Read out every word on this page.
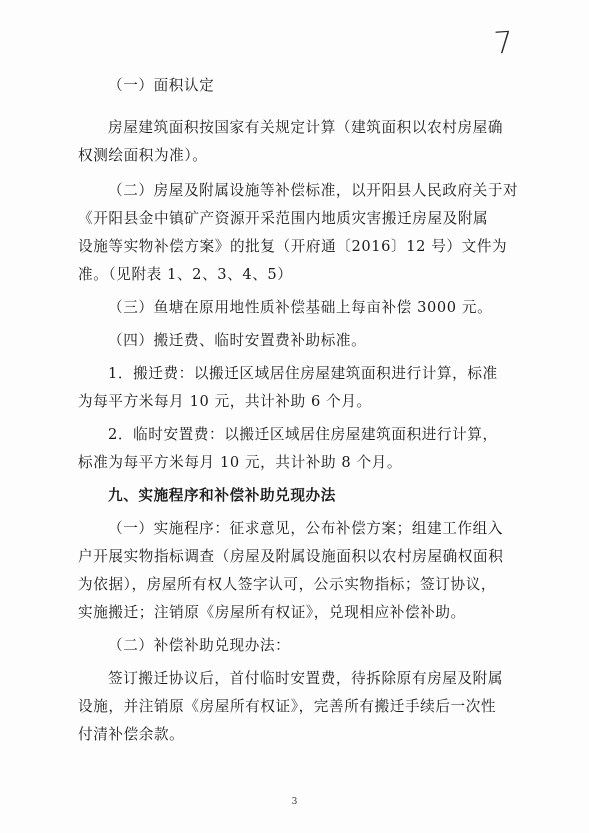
7
（一）面积认定
房屋建筑面积按国家有关规定计算（建筑面积以农村房屋确
权测绘面积为准）。
（二）房屋及附属设施等补偿标准，以开阳县人民政府关于对
《开阳县金中镇矿产资源开采范围内地质灾害搬迁房屋及附属
设施等实物补偿方案》的批复（开府通〔2016〕12 号）文件为
准。（见附表 1、2、3、4、5）
（三）鱼塘在原用地性质补偿基础上每亩补偿 3000 元。
（四）搬迁费、临时安置费补助标准。
1．搬迁费：以搬迁区域居住房屋建筑面积进行计算，标准
为每平方米每月 10 元，共计补助 6 个月。
2．临时安置费：以搬迁区域居住房屋建筑面积进行计算，
标准为每平方米每月 10 元，共计补助 8 个月。
九、实施程序和补偿补助兑现办法
（一）实施程序：征求意见，公布补偿方案；组建工作组入
户开展实物指标调查（房屋及附属设施面积以农村房屋确权面积
为依据），房屋所有权人签字认可，公示实物指标；签订协议，
实施搬迁；注销原《房屋所有权证》，兑现相应补偿补助。
（二）补偿补助兑现办法：
签订搬迁协议后，首付临时安置费，待拆除原有房屋及附属
设施，并注销原《房屋所有权证》，完善所有搬迁手续后一次性
付清补偿余款。
3
